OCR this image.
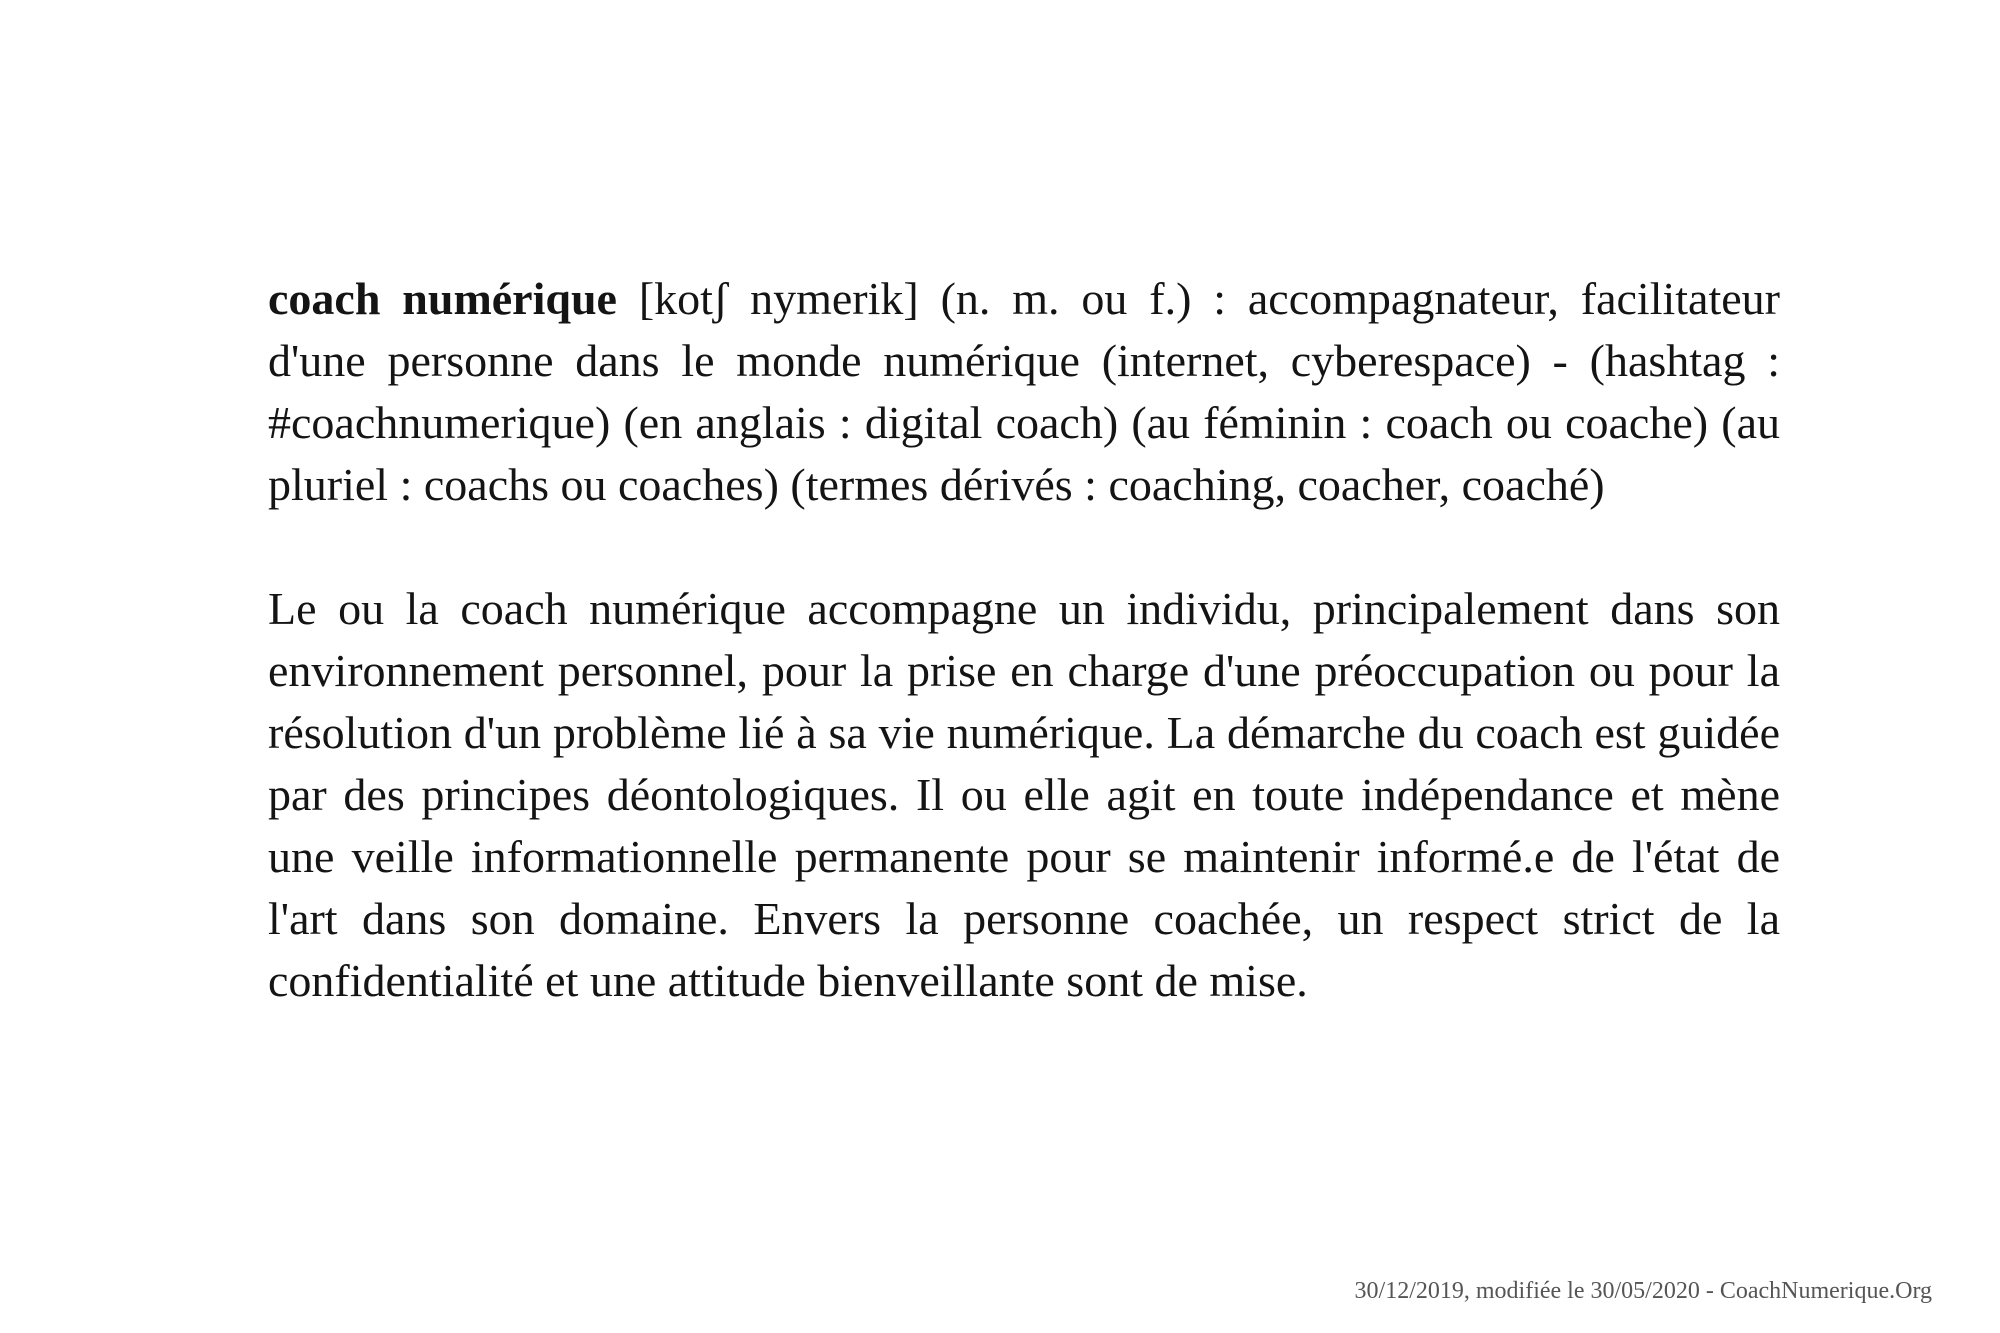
coach numérique [kotʃ nymerik] (n. m. ou f.) : accompagnateur, facilitateur d'une personne dans le monde numérique (internet, cyberespace) - (hashtag : #coachnumerique) (en anglais : digital coach) (au féminin : coach ou coache) (au pluriel : coachs ou coaches) (termes dérivés : coaching, coacher, coaché)

Le ou la coach numérique accompagne un individu, principalement dans son environnement personnel, pour la prise en charge d'une préoccupation ou pour la résolution d'un problème lié à sa vie numérique. La démarche du coach est guidée par des principes déontologiques. Il ou elle agit en toute indépendance et mène une veille informationnelle permanente pour se maintenir informé.e de l'état de l'art dans son domaine. Envers la personne coachée, un respect strict de la confidentialité et une attitude bienveillante sont de mise.

30/12/2019, modifiée le 30/05/2020 - CoachNumerique.Org
